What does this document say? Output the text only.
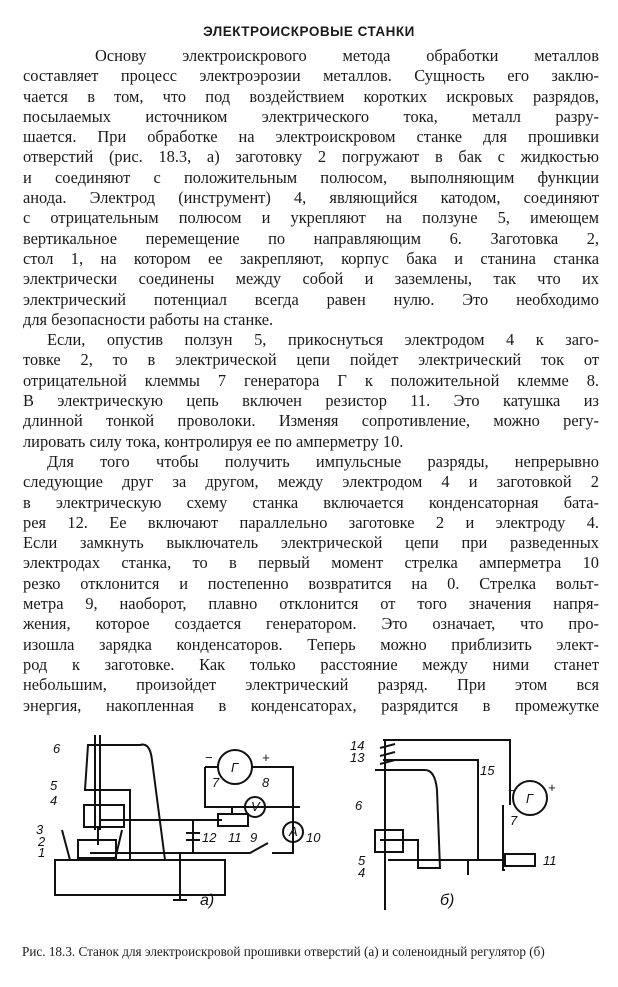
ЭЛЕКТРОИСКРОВЫЕ СТАНКИ
Основу электроискрового метода обработки металлов
составляет процесс электроэрозии металлов. Сущность его заклю-
чается в том, что под воздействием коротких искровых разрядов,
посылаемых источником электрического тока, металл разру-
шается. При обработке на электроискровом станке для прошивки
отверстий (рис. 18.3, а) заготовку 2 погружают в бак с жидкостью
и соединяют с положительным полюсом, выполняющим функции
анода. Электрод (инструмент) 4, являющийся катодом, соединяют
с отрицательным полюсом и укрепляют на ползуне 5, имеющем
вертикальное перемещение по направляющим 6. Заготовка 2,
стол 1, на котором ее закрепляют, корпус бака и станина станка
электрически соединены между собой и заземлены, так что их
электрический потенциал всегда равен нулю. Это необходимо
для безопасности работы на станке.
Если, опустив ползун 5, прикоснуться электродом 4 к заго-
товке 2, то в электрической цепи пойдет электрический ток от
отрицательной клеммы 7 генератора Г к положительной клемме 8.
В электрическую цепь включен резистор 11. Это катушка из
длинной тонкой проволоки. Изменяя сопротивление, можно регу-
лировать силу тока, контролируя ее по амперметру 10.
Для того чтобы получить импульсные разряды, непрерывно
следующие друг за другом, между электродом 4 и заготовкой 2
в электрическую схему станка включается конденсаторная бата-
рея 12. Ее включают параллельно заготовке 2 и электроду 4.
Если замкнуть выключатель электрической цепи при разведенных
электродах станка, то в первый момент стрелка амперметра 10
резко отклонится и постепенно возвратится на 0. Стрелка вольт-
метра 9, наоборот, плавно отклонится от того значения напря-
жения, которое создается генератором. Это означает, что про-
изошла зарядка конденсаторов. Теперь можно приблизить элект-
род к заготовке. Как только расстояние между ними станет
небольшим, произойдет электрический разряд. При этом вся
энергия, накопленная в конденсаторах, разрядится в промежутке
6
5
4
3
2
1
7	8
12 11 9	10
Г
V
A
−	+
а)
14
13
6
5
4
15
7
11
Г
− +
б)
Рис. 18.3. Станок для электроискровой прошивки отверстий (а) и соленоидный регулятор (б)
